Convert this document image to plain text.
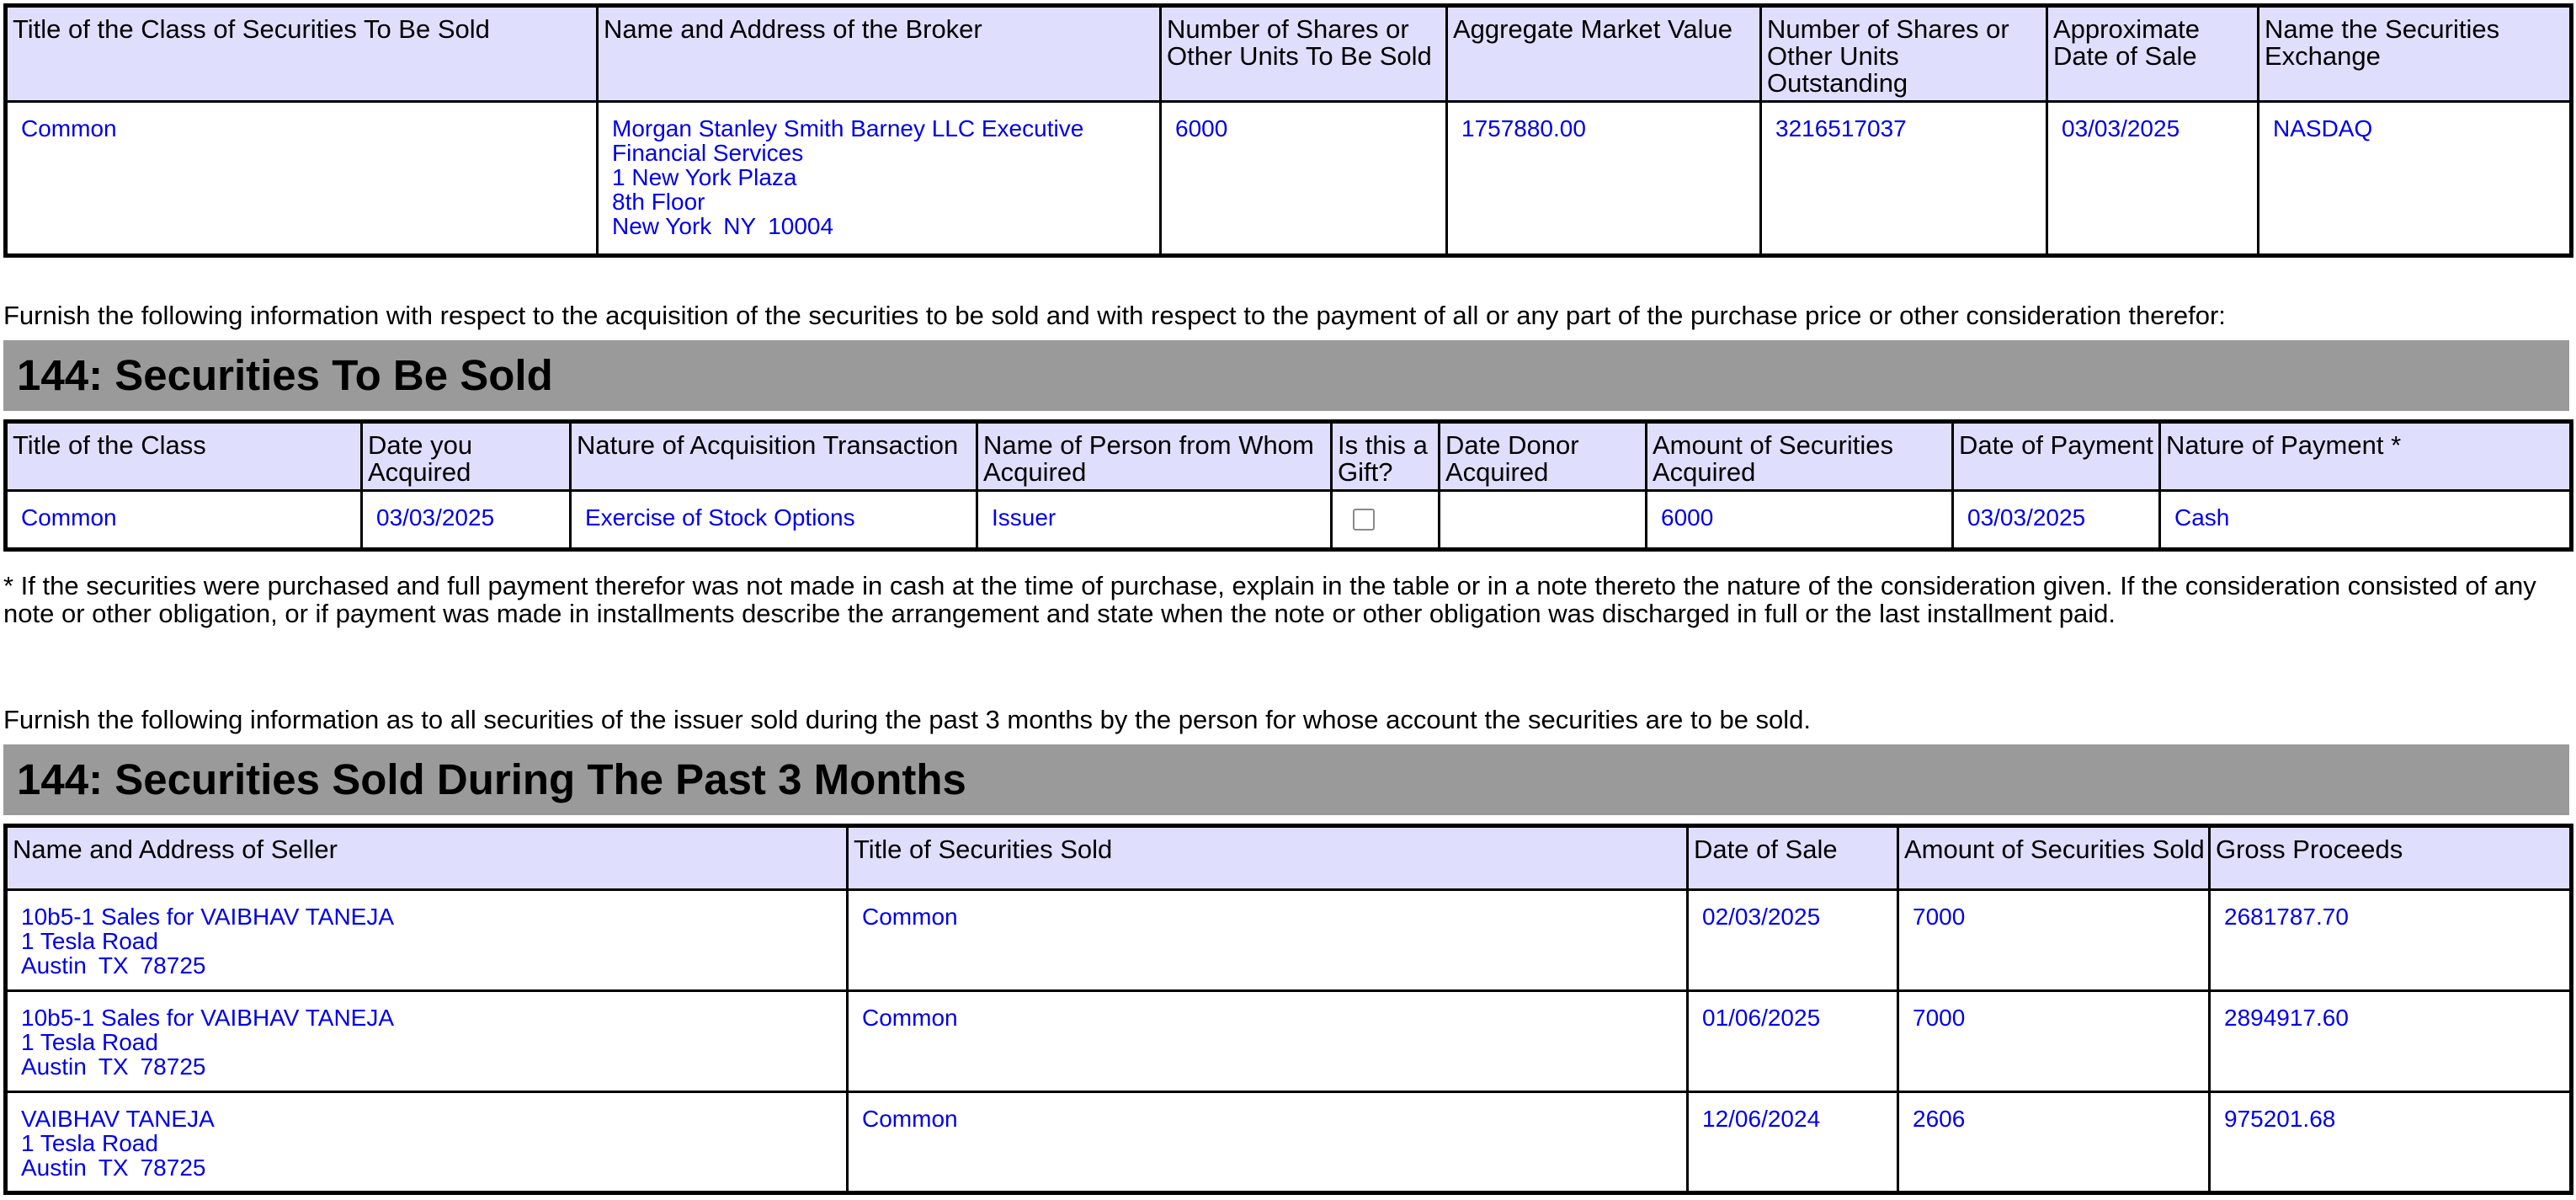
Title of the Class of Securities To Be Sold	Name and Address of the Broker	Number of Shares or Other Units To Be Sold	Aggregate Market Value	Number of Shares or Other Units Outstanding	Approximate Date of Sale	Name the Securities Exchange
Common	Morgan Stanley Smith Barney LLC Executive Financial Services
1 New York Plaza
8th Floor
New York NY 10004	6000	1757880.00	3216517037	03/03/2025	NASDAQ

Furnish the following information with respect to the acquisition of the securities to be sold and with respect to the payment of all or any part of the purchase price or other consideration therefor:

144: Securities To Be Sold
Title of the Class	Date you Acquired	Nature of Acquisition Transaction	Name of Person from Whom Acquired	Is this a Gift?	Date Donor Acquired	Amount of Securities Acquired	Date of Payment	Nature of Payment *
Common	03/03/2025	Exercise of Stock Options	Issuer			6000	03/03/2025	Cash

* If the securities were purchased and full payment therefor was not made in cash at the time of purchase, explain in the table or in a note thereto the nature of the consideration given. If the consideration consisted of any note or other obligation, or if payment was made in installments describe the arrangement and state when the note or other obligation was discharged in full or the last installment paid.

Furnish the following information as to all securities of the issuer sold during the past 3 months by the person for whose account the securities are to be sold.

144: Securities Sold During The Past 3 Months
Name and Address of Seller	Title of Securities Sold	Date of Sale	Amount of Securities Sold	Gross Proceeds

10b5-1 Sales for VAIBHAV TANEJA
1 Tesla Road
Austin TX 78725	Common	02/03/2025	7000	2681787.70

10b5-1 Sales for VAIBHAV TANEJA
1 Tesla Road
Austin TX 78725	Common	01/06/2025	7000	2894917.60

VAIBHAV TANEJA
1 Tesla Road
Austin TX 78725	Common	12/06/2024	2606	975201.68
